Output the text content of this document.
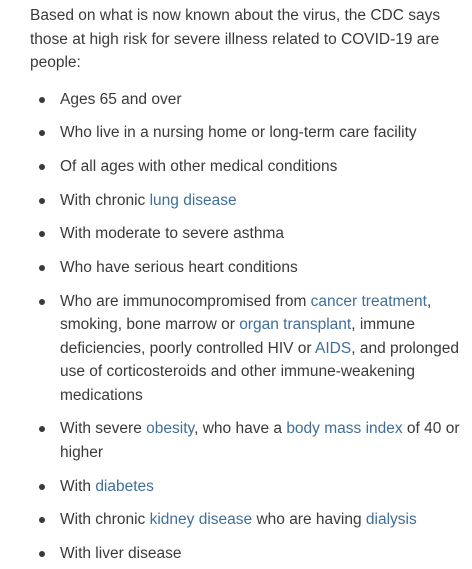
Based on what is now known about the virus, the CDC says those at high risk for severe illness related to COVID-19 are people:

Ages 65 and over
Who live in a nursing home or long-term care facility
Of all ages with other medical conditions
With chronic lung disease
With moderate to severe asthma
Who have serious heart conditions
Who are immunocompromised from cancer treatment, smoking, bone marrow or organ transplant, immune deficiencies, poorly controlled HIV or AIDS, and prolonged use of corticosteroids and other immune-weakening medications
With severe obesity, who have a body mass index of 40 or higher
With diabetes
With chronic kidney disease who are having dialysis
With liver disease
